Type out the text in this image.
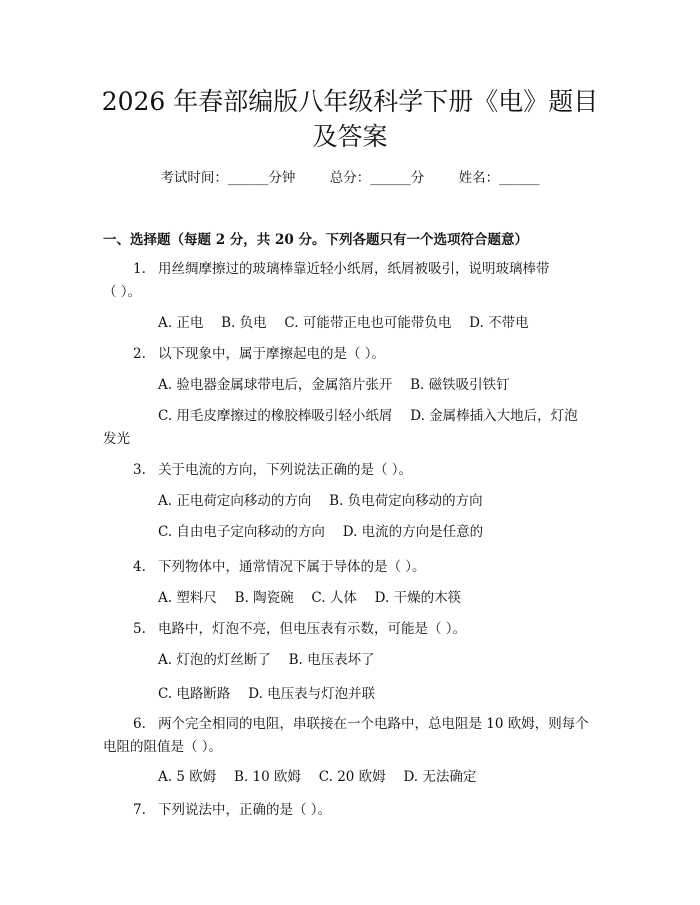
2026 年春部编版八年级科学下册《电》题目
及答案
考试时间：______分钟	总分：______分	姓名：______
一、选择题（每题 2 分，共 20 分。下列各题只有一个选项符合题意）
1. 用丝绸摩擦过的玻璃棒靠近轻小纸屑，纸屑被吸引，说明玻璃棒带
（ ）。
A. 正电　 B. 负电　 C. 可能带正电也可能带负电　 D. 不带电
2. 以下现象中，属于摩擦起电的是（ ）。
A. 验电器金属球带电后，金属箔片张开　 B. 磁铁吸引铁钉
C. 用毛皮摩擦过的橡胶棒吸引轻小纸屑　 D. 金属棒插入大地后，灯泡
发光
3. 关于电流的方向，下列说法正确的是（ ）。
A. 正电荷定向移动的方向　 B. 负电荷定向移动的方向
C. 自由电子定向移动的方向　 D. 电流的方向是任意的
4. 下列物体中，通常情况下属于导体的是（ ）。
A. 塑料尺　 B. 陶瓷碗　 C. 人体　 D. 干燥的木筷
5. 电路中，灯泡不亮，但电压表有示数，可能是（ ）。
A. 灯泡的灯丝断了　 B. 电压表坏了
C. 电路断路　 D. 电压表与灯泡并联
6. 两个完全相同的电阻，串联接在一个电路中，总电阻是 10 欧姆，则每个
电阻的阻值是（ ）。
A. 5 欧姆　 B. 10 欧姆　 C. 20 欧姆　 D. 无法确定
7. 下列说法中，正确的是（ ）。
